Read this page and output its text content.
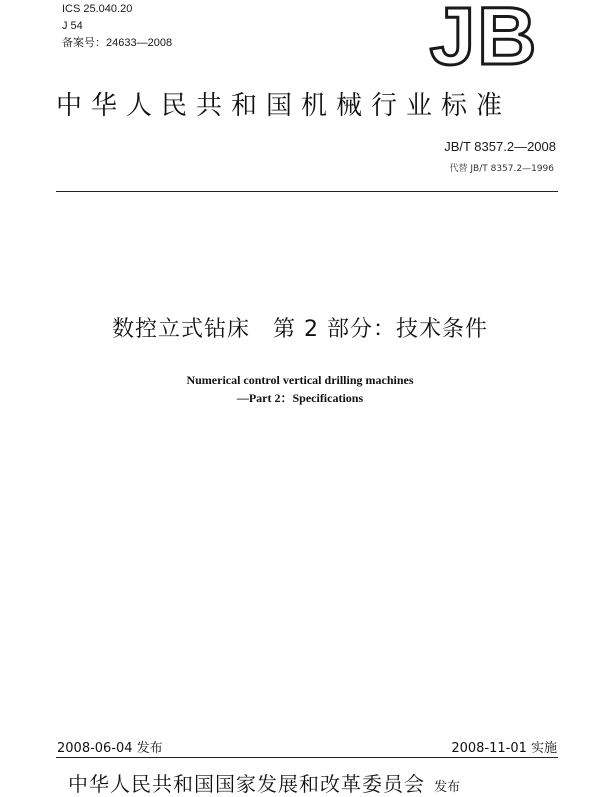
ICS 25.040.20
J 54
备案号：24633—2008	JB
中华人民共和国机械行业标准
JB/T 8357.2—2008
代替 JB/T 8357.2—1996
数控立式钻床　第 2 部分：技术条件
Numerical control vertical drilling machines
—Part 2：Specifications
2008-06-04 发布	2008-11-01 实施
中华人民共和国国家发展和改革委员会 发布
